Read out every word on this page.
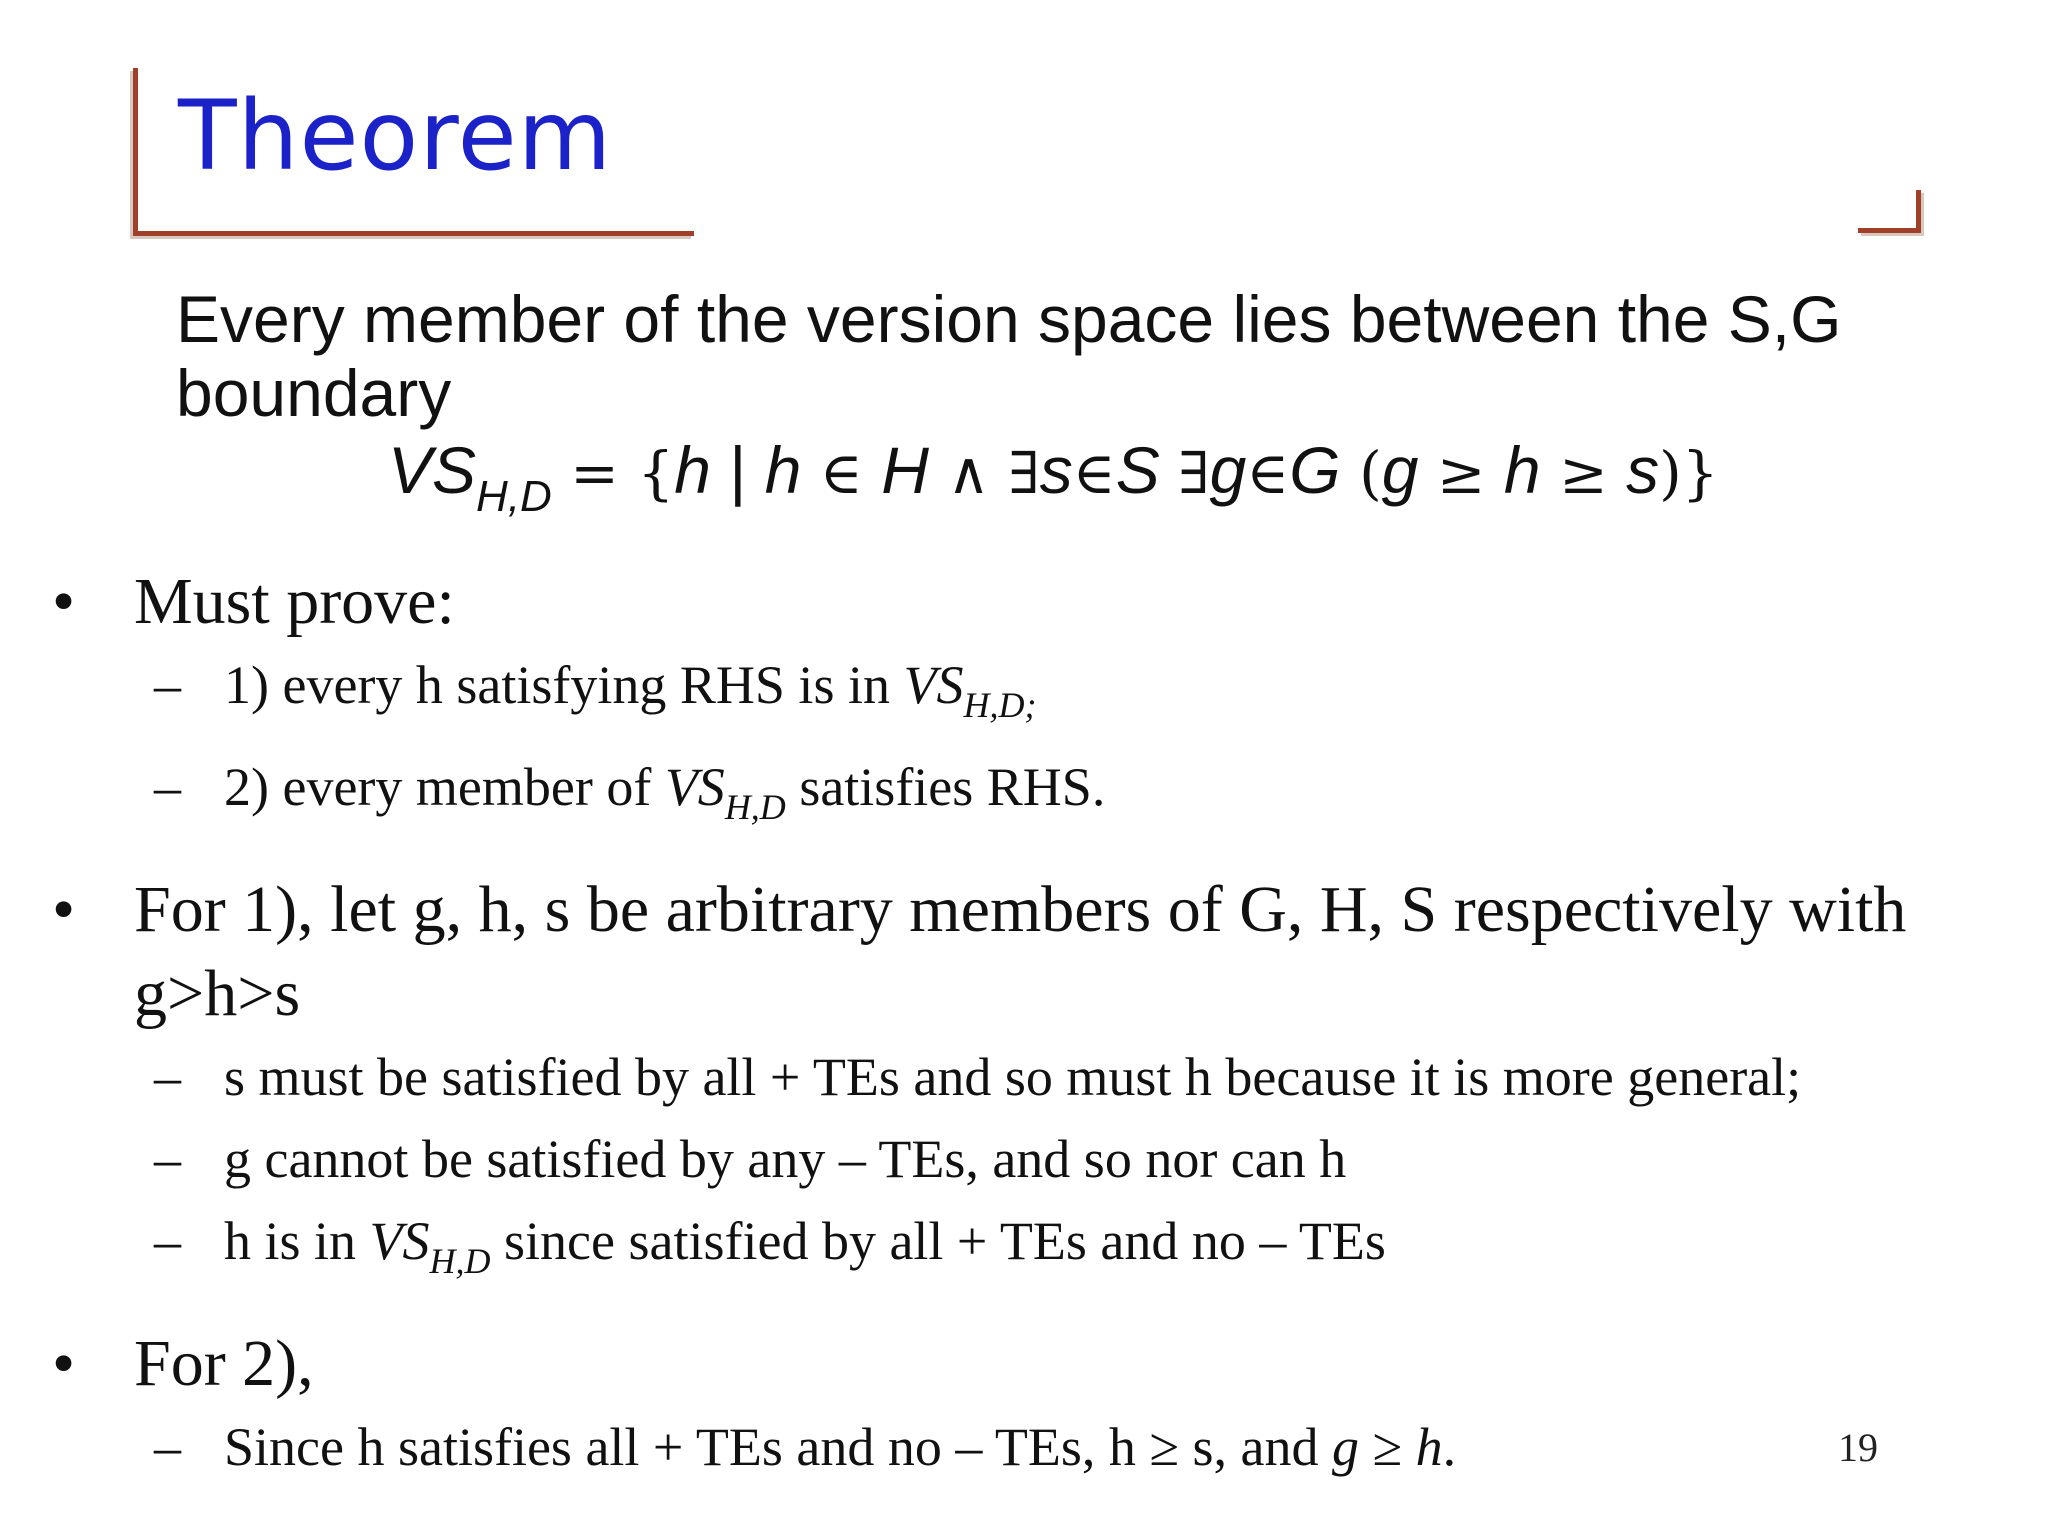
Theorem
Every member of the version space lies between the S,G boundary
$VS_{H,D} = \{h$ | h ∈ H ∧ ∃s∈S ∃g∈G (g ≥ h ≥ s)}
• Must prove:
– 1) every h satisfying RHS is in $VS_{H,D;}$
– 2) every member of $VS_{H,D}$ satisfies RHS.
• For 1), let g, h, s be arbitrary members of G, H, S respectively with g>h>s
– s must be satisfied by all + TEs and so must h because it is more general;
– g cannot be satisfied by any – TEs, and so nor can h
– h is in $VS_{H,D}$ since satisfied by all + TEs and no – TEs
• For 2),
– Since h satisfies all + TEs and no – TEs, h ≥ s, and g ≥ h.	19
